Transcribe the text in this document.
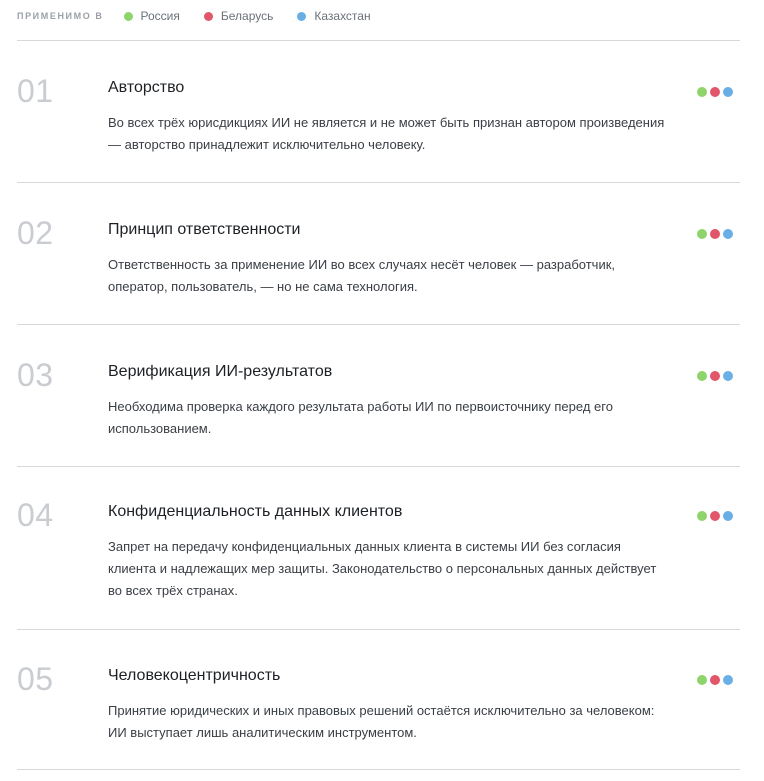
ПРИМЕНИМО В	Россия	Беларусь	Казахстан
01	Авторство
Во всех трёх юрисдикциях ИИ не является и не может быть признан автором произведения — авторство принадлежит исключительно человеку.
02	Принцип ответственности
Ответственность за применение ИИ во всех случаях несёт человек — разработчик, оператор, пользователь, — но не сама технология.
03	Верификация ИИ-результатов
Необходима проверка каждого результата работы ИИ по первоисточнику перед его использованием.
04	Конфиденциальность данных клиентов
Запрет на передачу конфиденциальных данных клиента в системы ИИ без согласия клиента и надлежащих мер защиты. Законодательство о персональных данных действует во всех трёх странах.
05	Человекоцентричность
Принятие юридических и иных правовых решений остаётся исключительно за человеком: ИИ выступает лишь аналитическим инструментом.
